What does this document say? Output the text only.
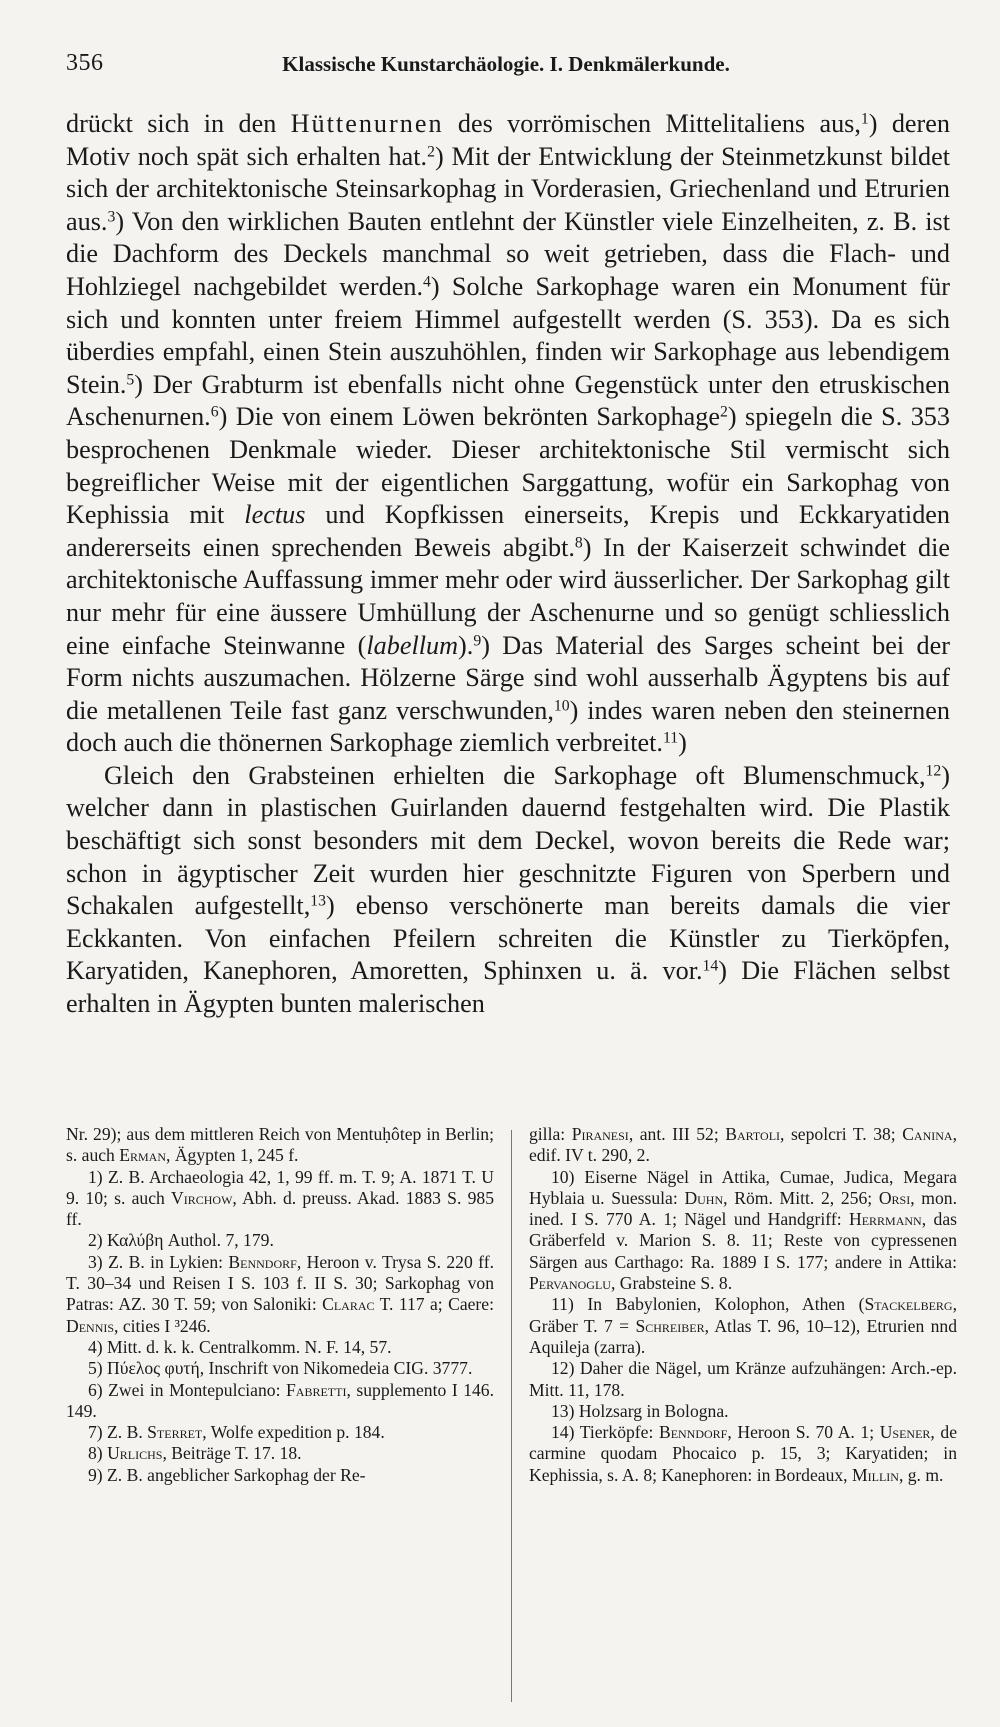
356	Klassische Kunstarchäologie. I. Denkmälerkunde.

drückt sich in den Hüttenurnen des vorrömischen Mittelitaliens aus,$^1$) deren Motiv noch spät sich erhalten hat.$^2$) Mit der Entwicklung der Steinmetzkunst bildet sich der architektonische Steinsarkophag in Vorderasien, Griechenland und Etrurien aus.$^3$) Von den wirklichen Bauten entlehnt der Künstler viele Einzelheiten, z. B. ist die Dachform des Deckels manchmal so weit getrieben, dass die Flach- und Hohlziegel nachgebildet werden.$^4$) Solche Sarkophage waren ein Monument für sich und konnten unter freiem Himmel aufgestellt werden (S. 353). Da es sich überdies empfahl, einen Stein auszuhöhlen, finden wir Sarkophage aus lebendigem Stein.$^5$) Der Grabturm ist ebenfalls nicht ohne Gegenstück unter den etruskischen Aschenurnen.$^6$) Die von einem Löwen bekrönten Sarkophage$^2$) spiegeln die S. 353 besprochenen Denkmale wieder. Dieser architektonische Stil vermischt sich begreiflicher Weise mit der eigentlichen Sarggattung, wofür ein Sarkophag von Kephissia mit lectus und Kopfkissen einerseits, Krepis und Eckkaryatiden andererseits einen sprechenden Beweis abgibt.$^8$) In der Kaiserzeit schwindet die architektonische Auffassung immer mehr oder wird äusserlicher. Der Sarkophag gilt nur mehr für eine äussere Umhüllung der Aschenurne und so genügt schliesslich eine einfache Steinwanne (labellum).$^9$) Das Material des Sarges scheint bei der Form nichts auszumachen. Hölzerne Särge sind wohl ausserhalb Ägyptens bis auf die metallenen Teile fast ganz verschwunden,$^{10}$) indes waren neben den steinernen doch auch die thönernen Sarkophage ziemlich verbreitet.$^{11}$)

Gleich den Grabsteinen erhielten die Sarkophage oft Blumenschmuck,$^{12}$) welcher dann in plastischen Guirlanden dauernd festgehalten wird. Die Plastik beschäftigt sich sonst besonders mit dem Deckel, wovon bereits die Rede war; schon in ägyptischer Zeit wurden hier geschnitzte Figuren von Sperbern und Schakalen aufgestellt,$^{13}$) ebenso verschönerte man bereits damals die vier Eckkanten. Von einfachen Pfeilern schreiten die Künstler zu Tierköpfen, Karyatiden, Kanephoren, Amoretten, Sphinxen u. ä. vor.$^{14}$) Die Flächen selbst erhalten in Ägypten bunten malerischen

Nr. 29); aus dem mittleren Reich von Mentuḥôtep in Berlin; s. auch Erman, Ägypten 1, 245 f.

1) Z. B. Archaeologia 42, 1, 99 ff. m. T. 9; A. 1871 T. U 9. 10; s. auch Virchow, Abh. d. preuss. Akad. 1883 S. 985 ff.

2) Καλύβη Authol. 7, 179.

3) Z. B. in Lykien: Benndorf, Heroon v. Trysa S. 220 ff. T. 30–34 und Reisen I S. 103 f. II S. 30; Sarkophag von Patras: AZ. 30 T. 59; von Saloniki: Clarac T. 117 a; Caere: Dennis, cities I ³246.

4) Mitt. d. k. k. Centralkomm. N. F. 14, 57.

5) Πύελος φυτή, Inschrift von Nikomedeia CIG. 3777.

6) Zwei in Montepulciano: Fabretti, supplemento I 146. 149.

7) Z. B. Sterret, Wolfe expedition p. 184.

8) Urlichs, Beiträge T. 17. 18.

9) Z. B. angeblicher Sarkophag der Re-

gilla: Piranesi, ant. III 52; Bartoli, sepolcri T. 38; Canina, edif. IV t. 290, 2.

10) Eiserne Nägel in Attika, Cumae, Judica, Megara Hyblaia u. Suessula: Duhn, Röm. Mitt. 2, 256; Orsi, mon. ined. I S. 770 A. 1; Nägel und Handgriff: Herrmann, das Gräberfeld v. Marion S. 8. 11; Reste von cypressenen Särgen aus Carthago: Ra. 1889 I S. 177; andere in Attika: Pervanoglu, Grabsteine S. 8.

11) In Babylonien, Kolophon, Athen (Stackelberg, Gräber T. 7 = Schreiber, Atlas T. 96, 10–12), Etrurien nnd Aquileja (zarra).

12) Daher die Nägel, um Kränze aufzuhängen: Arch.-ep. Mitt. 11, 178.

13) Holzsarg in Bologna.

14) Tierköpfe: Benndorf, Heroon S. 70 A. 1; Usener, de carmine quodam Phocaico p. 15, 3; Karyatiden; in Kephissia, s. A. 8; Kanephoren: in Bordeaux, Millin, g. m.
